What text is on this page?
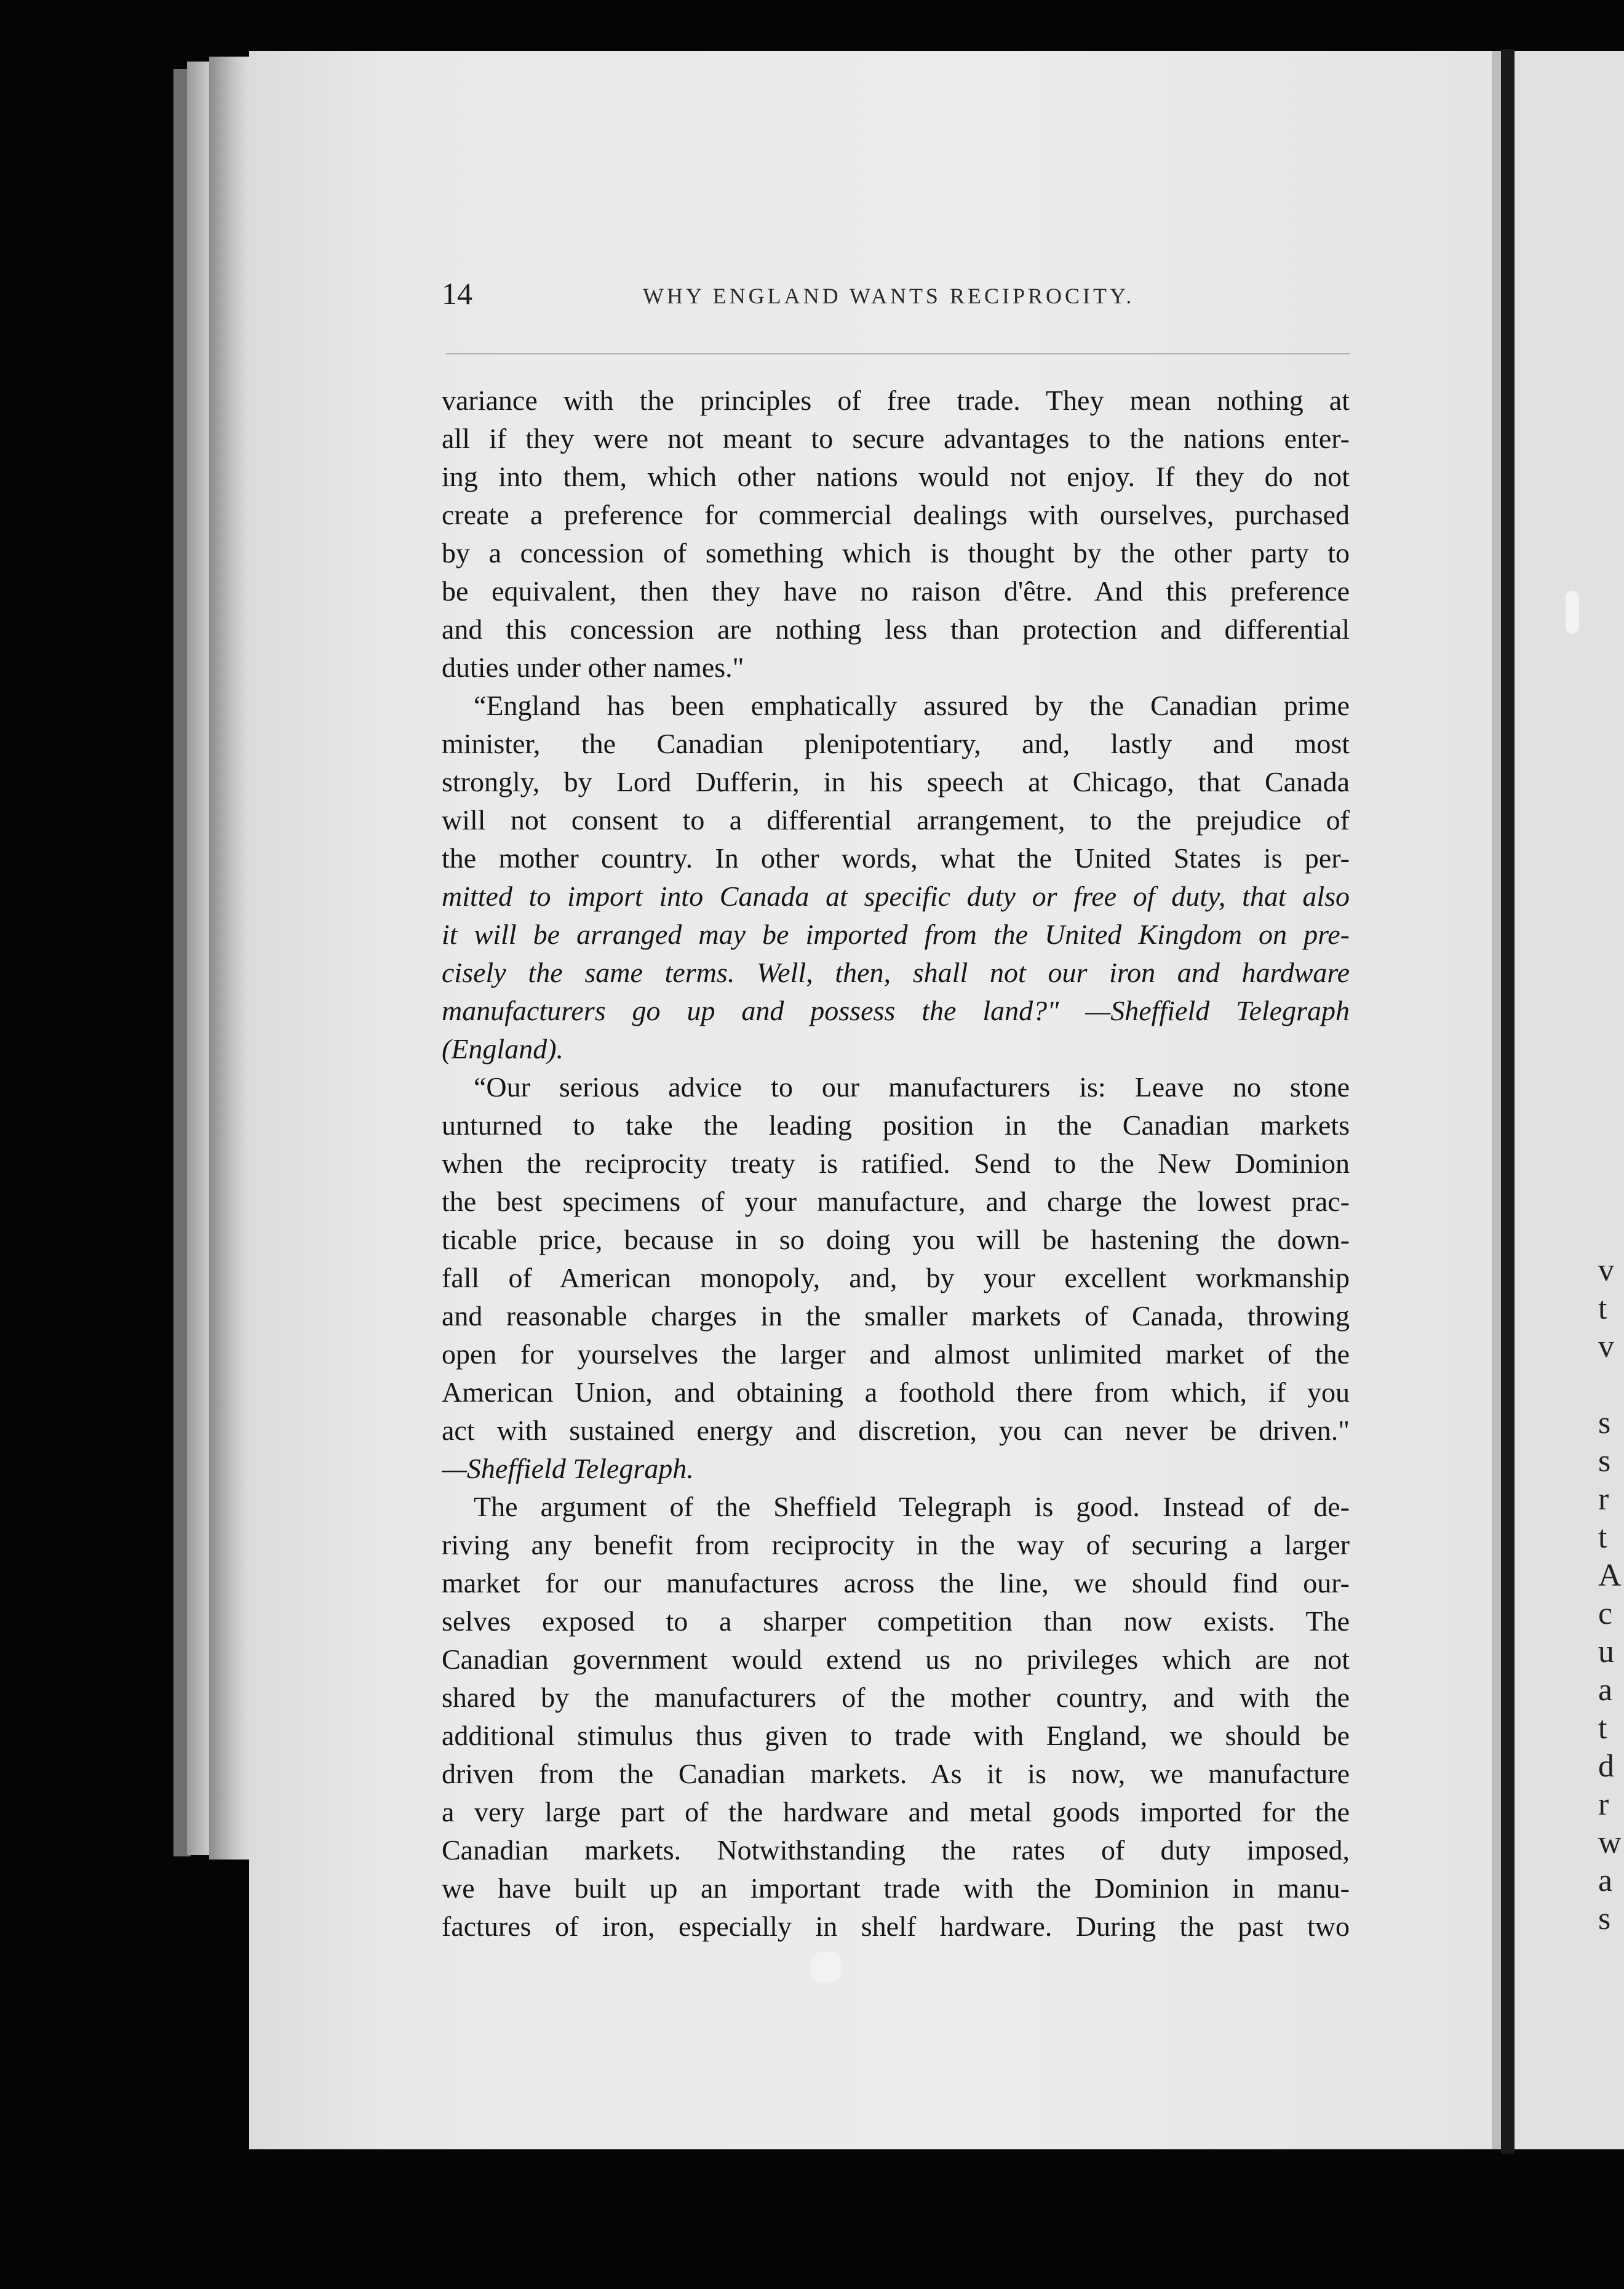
v
t
v
s
s
r
t
A
c
u
a
t
d
r
w
a
s
14	WHY ENGLAND WANTS RECIPROCITY.
variance with the principles of free trade. They mean nothing at
all if they were not meant to secure advantages to the nations enter-
ing into them, which other nations would not enjoy. If they do not
create a preference for commercial dealings with ourselves, purchased
by a concession of something which is thought by the other party to
be equivalent, then they have no raison d'être. And this preference
and this concession are nothing less than protection and differential
duties under other names."
“England has been emphatically assured by the Canadian prime
minister, the Canadian plenipotentiary, and, lastly and most
strongly, by Lord Dufferin, in his speech at Chicago, that Canada
will not consent to a differential arrangement, to the prejudice of
the mother country. In other words, what the United States is per-
mitted to import into Canada at specific duty or free of duty, that also
it will be arranged may be imported from the United Kingdom on pre-
cisely the same terms. Well, then, shall not our iron and hardware
manufacturers go up and possess the land?" —Sheffield Telegraph
(England).
“Our serious advice to our manufacturers is: Leave no stone
unturned to take the leading position in the Canadian markets
when the reciprocity treaty is ratified. Send to the New Dominion
the best specimens of your manufacture, and charge the lowest prac-
ticable price, because in so doing you will be hastening the down-
fall of American monopoly, and, by your excellent workmanship
and reasonable charges in the smaller markets of Canada, throwing
open for yourselves the larger and almost unlimited market of the
American Union, and obtaining a foothold there from which, if you
act with sustained energy and discretion, you can never be driven."
—Sheffield Telegraph.
The argument of the Sheffield Telegraph is good. Instead of de-
riving any benefit from reciprocity in the way of securing a larger
market for our manufactures across the line, we should find our-
selves exposed to a sharper competition than now exists. The
Canadian government would extend us no privileges which are not
shared by the manufacturers of the mother country, and with the
additional stimulus thus given to trade with England, we should be
driven from the Canadian markets. As it is now, we manufacture
a very large part of the hardware and metal goods imported for the
Canadian markets. Notwithstanding the rates of duty imposed,
we have built up an important trade with the Dominion in manu-
factures of iron, especially in shelf hardware. During the past two
